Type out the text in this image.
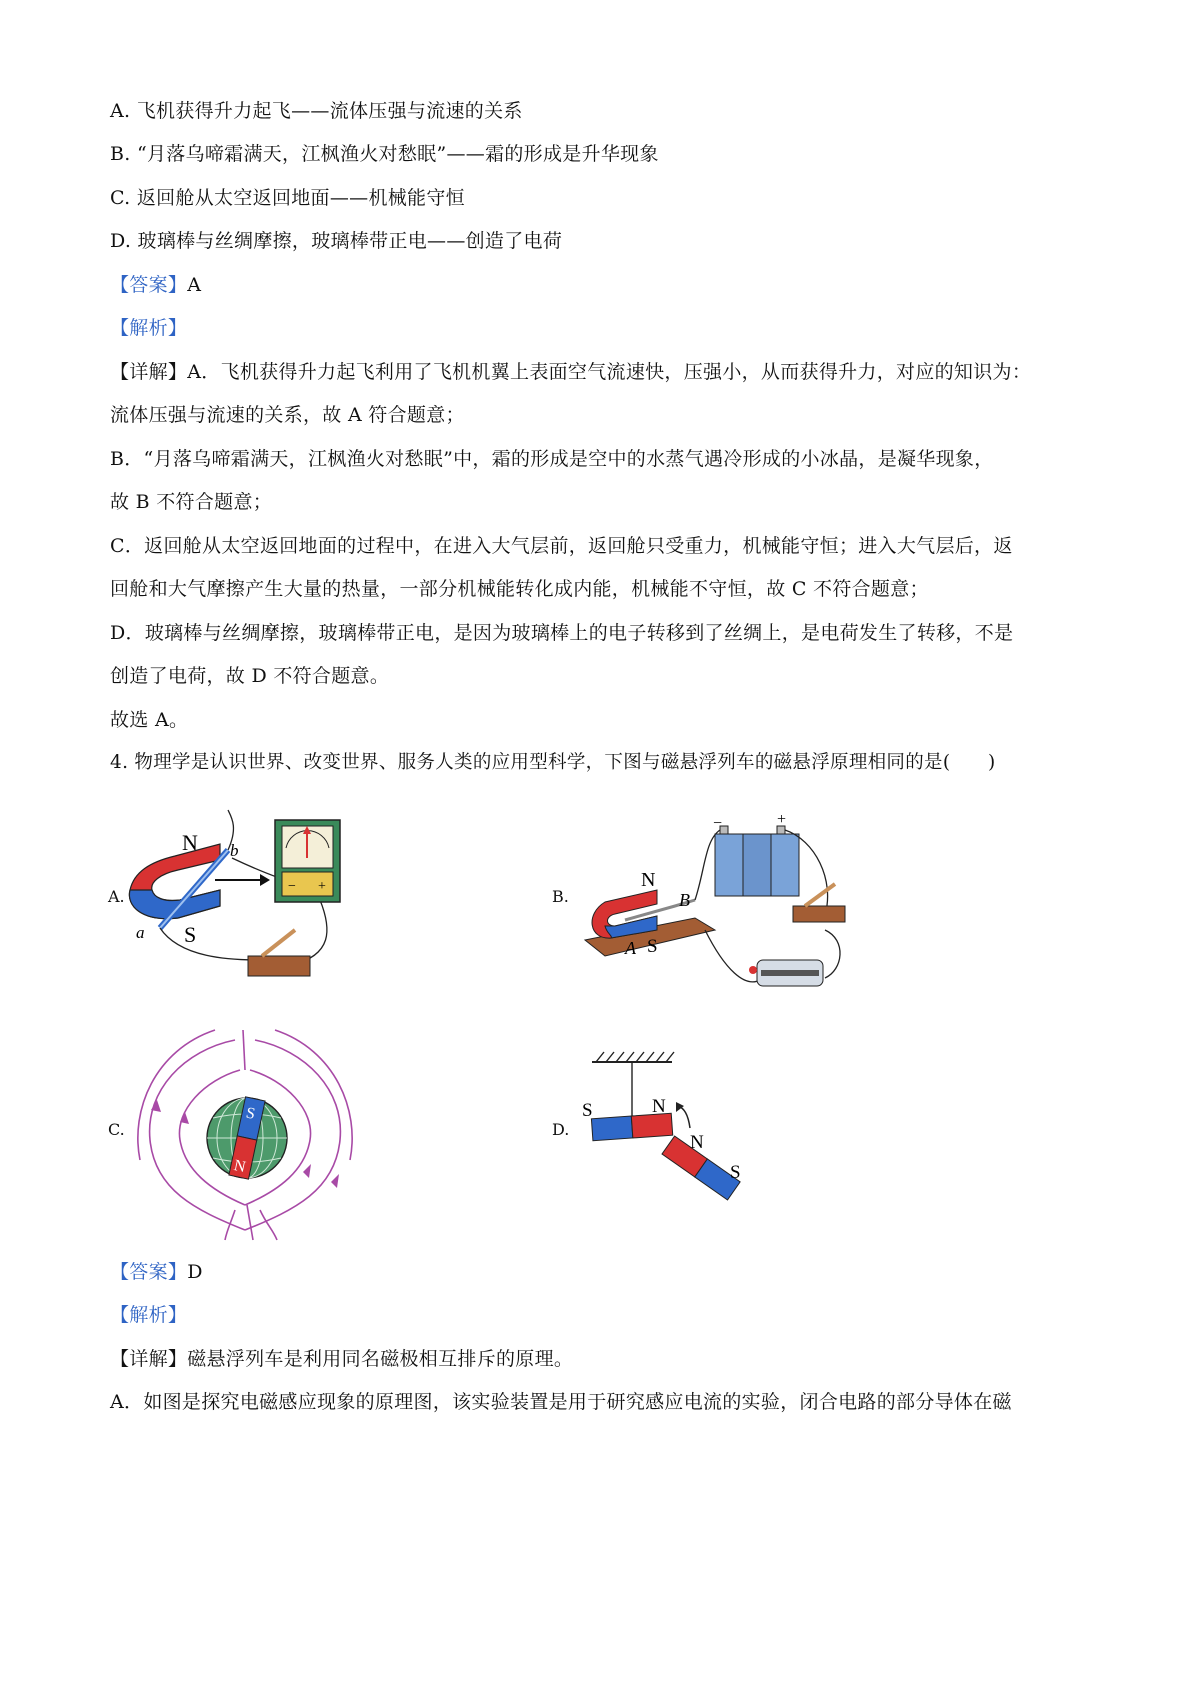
A. 飞机获得升力起飞——流体压强与流速的关系
B. “月落乌啼霜满天，江枫渔火对愁眠”——霜的形成是升华现象
C. 返回舱从太空返回地面——机械能守恒
D. 玻璃棒与丝绸摩擦，玻璃棒带正电——创造了电荷
【答案】A
【解析】
【详解】A．飞机获得升力起飞利用了飞机机翼上表面空气流速快，压强小，从而获得升力，对应的知识为：
流体压强与流速的关系，故 A 符合题意；
B．“月落乌啼霜满天，江枫渔火对愁眠”中，霜的形成是空中的水蒸气遇冷形成的小冰晶，是凝华现象，
故 B 不符合题意；
C．返回舱从太空返回地面的过程中，在进入大气层前，返回舱只受重力，机械能守恒；进入大气层后，返
回舱和大气摩擦产生大量的热量，一部分机械能转化成内能，机械能不守恒，故 C 不符合题意；
D．玻璃棒与丝绸摩擦，玻璃棒带正电，是因为玻璃棒上的电子转移到了丝绸上，是电荷发生了转移，不是
创造了电荷，故 D 不符合题意。
故选 A。
4. 物理学是认识世界、改变世界、服务人类的应用型科学，下图与磁悬浮列车的磁悬浮原理相同的是(　　)
A.	B.
C.	D.
− +
N
S
a
b
−	+
N
S
A
B
S
N
S	N
N
S
【答案】D
【解析】
【详解】磁悬浮列车是利用同名磁极相互排斥的原理。
A．如图是探究电磁感应现象的原理图，该实验装置是用于研究感应电流的实验，闭合电路的部分导体在磁
